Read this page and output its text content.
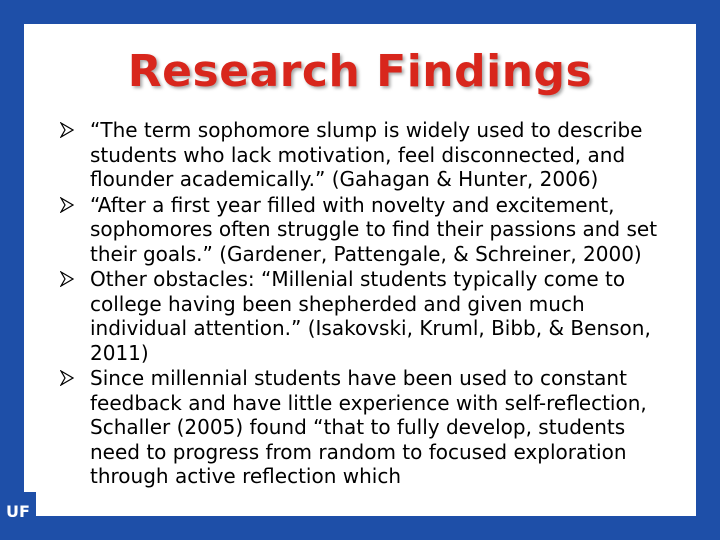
Research Findings
“The term sophomore slump is widely used to describe students who lack motivation, feel disconnected, and flounder academically.” (Gahagan & Hunter, 2006)
“After a first year filled with novelty and excitement, sophomores often struggle to find their passions and set their goals.” (Gardener, Pattengale, & Schreiner, 2000)
Other obstacles: “Millenial students typically come to college having been shepherded and given much individual attention.” (Isakovski, Kruml, Bibb, & Benson, 2011)
Since millennial students have been used to constant feedback and have little experience with self-reflection, Schaller (2005) found “that to fully develop, students need to progress from random to focused exploration through active reflection which
UF
